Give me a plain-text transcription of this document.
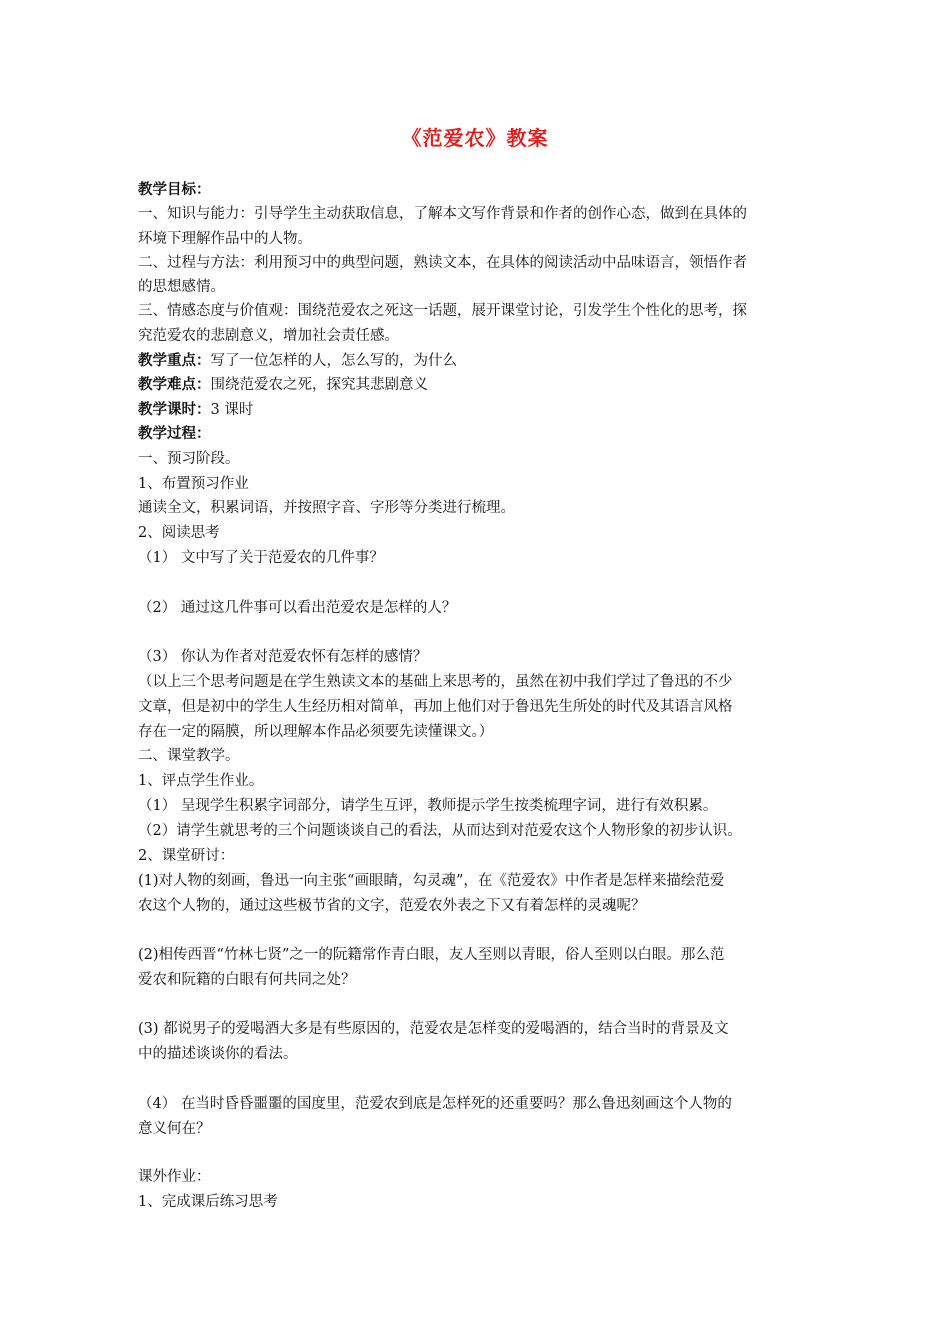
《范爱农》教案
教学目标：
一、知识与能力：引导学生主动获取信息，了解本文写作背景和作者的创作心态，做到在具体的
环境下理解作品中的人物。
二、过程与方法：利用预习中的典型问题，熟读文本，在具体的阅读活动中品味语言，领悟作者
的思想感情。
三、情感态度与价值观：围绕范爱农之死这一话题，展开课堂讨论，引发学生个性化的思考，探
究范爱农的悲剧意义，增加社会责任感。
教学重点：写了一位怎样的人，怎么写的，为什么
教学难点：围绕范爱农之死，探究其悲剧意义
教学课时：3 课时
教学过程：
一、预习阶段。
1、布置预习作业
通读全文，积累词语，并按照字音、字形等分类进行梳理。
2、阅读思考
（1） 文中写了关于范爱农的几件事？
（2） 通过这几件事可以看出范爱农是怎样的人？
（3） 你认为作者对范爱农怀有怎样的感情？
（以上三个思考问题是在学生熟读文本的基础上来思考的，虽然在初中我们学过了鲁迅的不少
文章，但是初中的学生人生经历相对简单，再加上他们对于鲁迅先生所处的时代及其语言风格
存在一定的隔膜，所以理解本作品必须要先读懂课文。）
二、课堂教学。
1、评点学生作业。
（1） 呈现学生积累字词部分，请学生互评，教师提示学生按类梳理字词，进行有效积累。
（2）请学生就思考的三个问题谈谈自己的看法，从而达到对范爱农这个人物形象的初步认识。
2、课堂研讨：
(1)对人物的刻画，鲁迅一向主张“画眼睛，勾灵魂”，在《范爱农》中作者是怎样来描绘范爱
农这个人物的，通过这些极节省的文字，范爱农外表之下又有着怎样的灵魂呢？
(2)相传西晋“竹林七贤”之一的阮籍常作青白眼，友人至则以青眼，俗人至则以白眼。那么范
爱农和阮籍的白眼有何共同之处？
(3) 都说男子的爱喝酒大多是有些原因的，范爱农是怎样变的爱喝酒的，结合当时的背景及文
中的描述谈谈你的看法。
（4） 在当时昏昏噩噩的国度里，范爱农到底是怎样死的还重要吗？那么鲁迅刻画这个人物的
意义何在？
课外作业：
1、完成课后练习思考
